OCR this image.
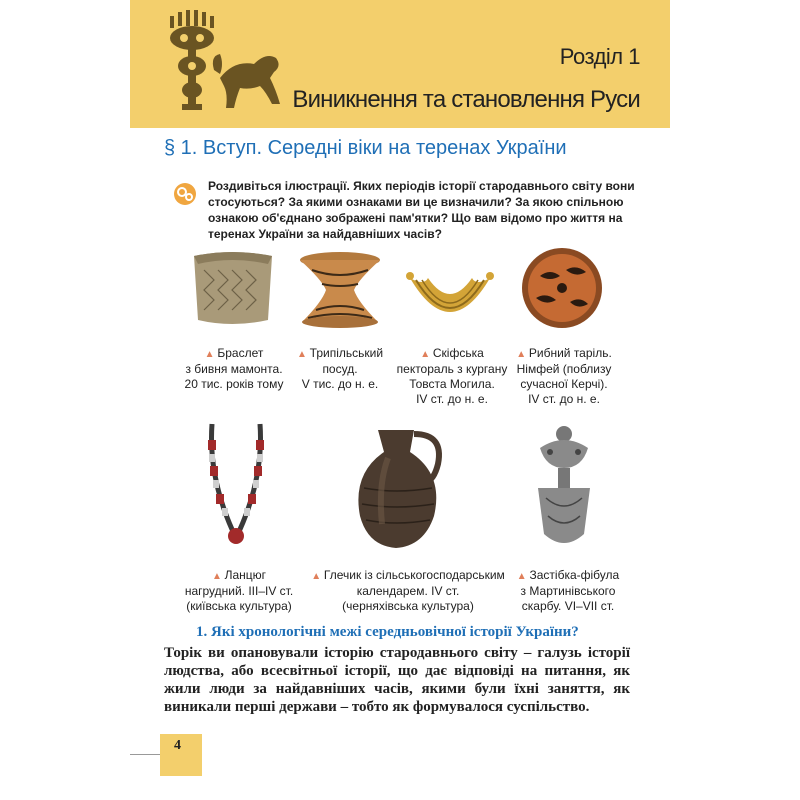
Розділ 1
Виникнення та становлення Руси
§ 1. Вступ. Середні віки на теренах України
Роздивіться ілюстрації. Яких періодів історії стародавнього світу вони стосуються? За якими ознаками ви це визначили? За якою спільною ознакою об'єднано зображені пам'ятки? Що вам відомо про життя на теренах України за найдавніших часів?
▲ Браслет
з бивня мамонта.
20 тис. років тому
▲ Трипільський
посуд.
V тис. до н. е.
▲ Скіфська
пектораль з кургану
Товста Могила.
IV ст. до н. е.
▲ Рибний таріль.
Німфей (поблизу
сучасної Керчі).
IV ст. до н. е.
▲ Ланцюг
нагрудний. III–IV ст.
(київська культура)
▲ Глечик із сільськогосподарським
календарем. IV ст.
(черняхівська культура)
▲ Застібка-фібула
з Мартинівського
скарбу. VI–VII ст.
1. Які хронологічні межі середньовічної історії України?
Торік ви опановували історію стародавнього світу – галузь історії людства, або всесвітньої історії, що дає відповіді на питання, як жили люди за найдавніших часів, якими були їхні заняття, як виникали перші держави – тобто як формувалося суспільство.
4
